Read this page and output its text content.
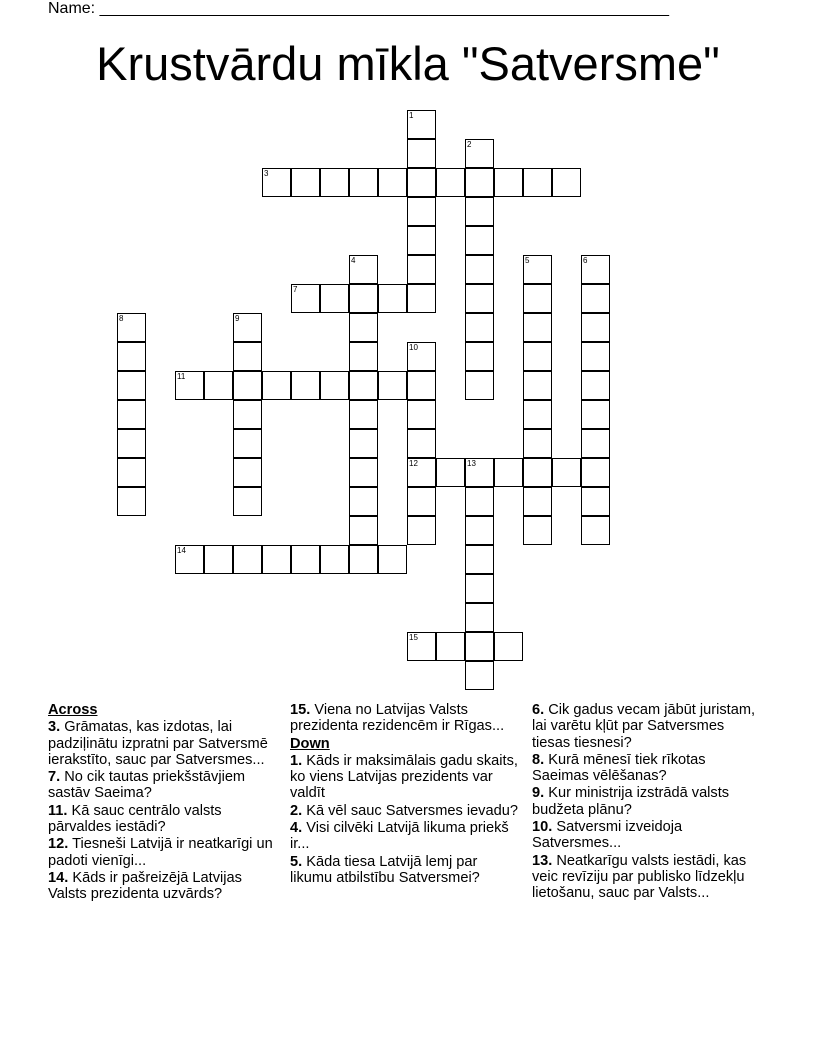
Name: ________________________________________________________________
Krustvārdu mīkla "Satversme"
1
2
3
4	5	6
7
8	9
10
11
12	13
14
15
Across
3. Grāmatas, kas izdotas, lai padziļinātu izpratni par Satversmē ierakstīto, sauc par Satversmes...
7. No cik tautas priekšstāvjiem sastāv Saeima?
11. Kā sauc centrālo valsts pārvaldes iestādi?
12. Tiesneši Latvijā ir neatkarīgi un padoti vienīgi...
14. Kāds ir pašreizējā Latvijas Valsts prezidenta uzvārds?
15. Viena no Latvijas Valsts prezidenta rezidencēm ir Rīgas...
Down
1. Kāds ir maksimālais gadu skaits, ko viens Latvijas prezidents var valdīt
2. Kā vēl sauc Satversmes ievadu?
4. Visi cilvēki Latvijā likuma priekš ir...
5. Kāda tiesa Latvijā lemj par likumu atbilstību Satversmei?
6. Cik gadus vecam jābūt juristam, lai varētu kļūt par Satversmes tiesas tiesnesi?
8. Kurā mēnesī tiek rīkotas Saeimas vēlēšanas?
9. Kur ministrija izstrādā valsts budžeta plānu?
10. Satversmi izveidoja Satversmes...
13. Neatkarīgu valsts iestādi, kas veic revīziju par publisko līdzekļu lietošanu, sauc par Valsts...
